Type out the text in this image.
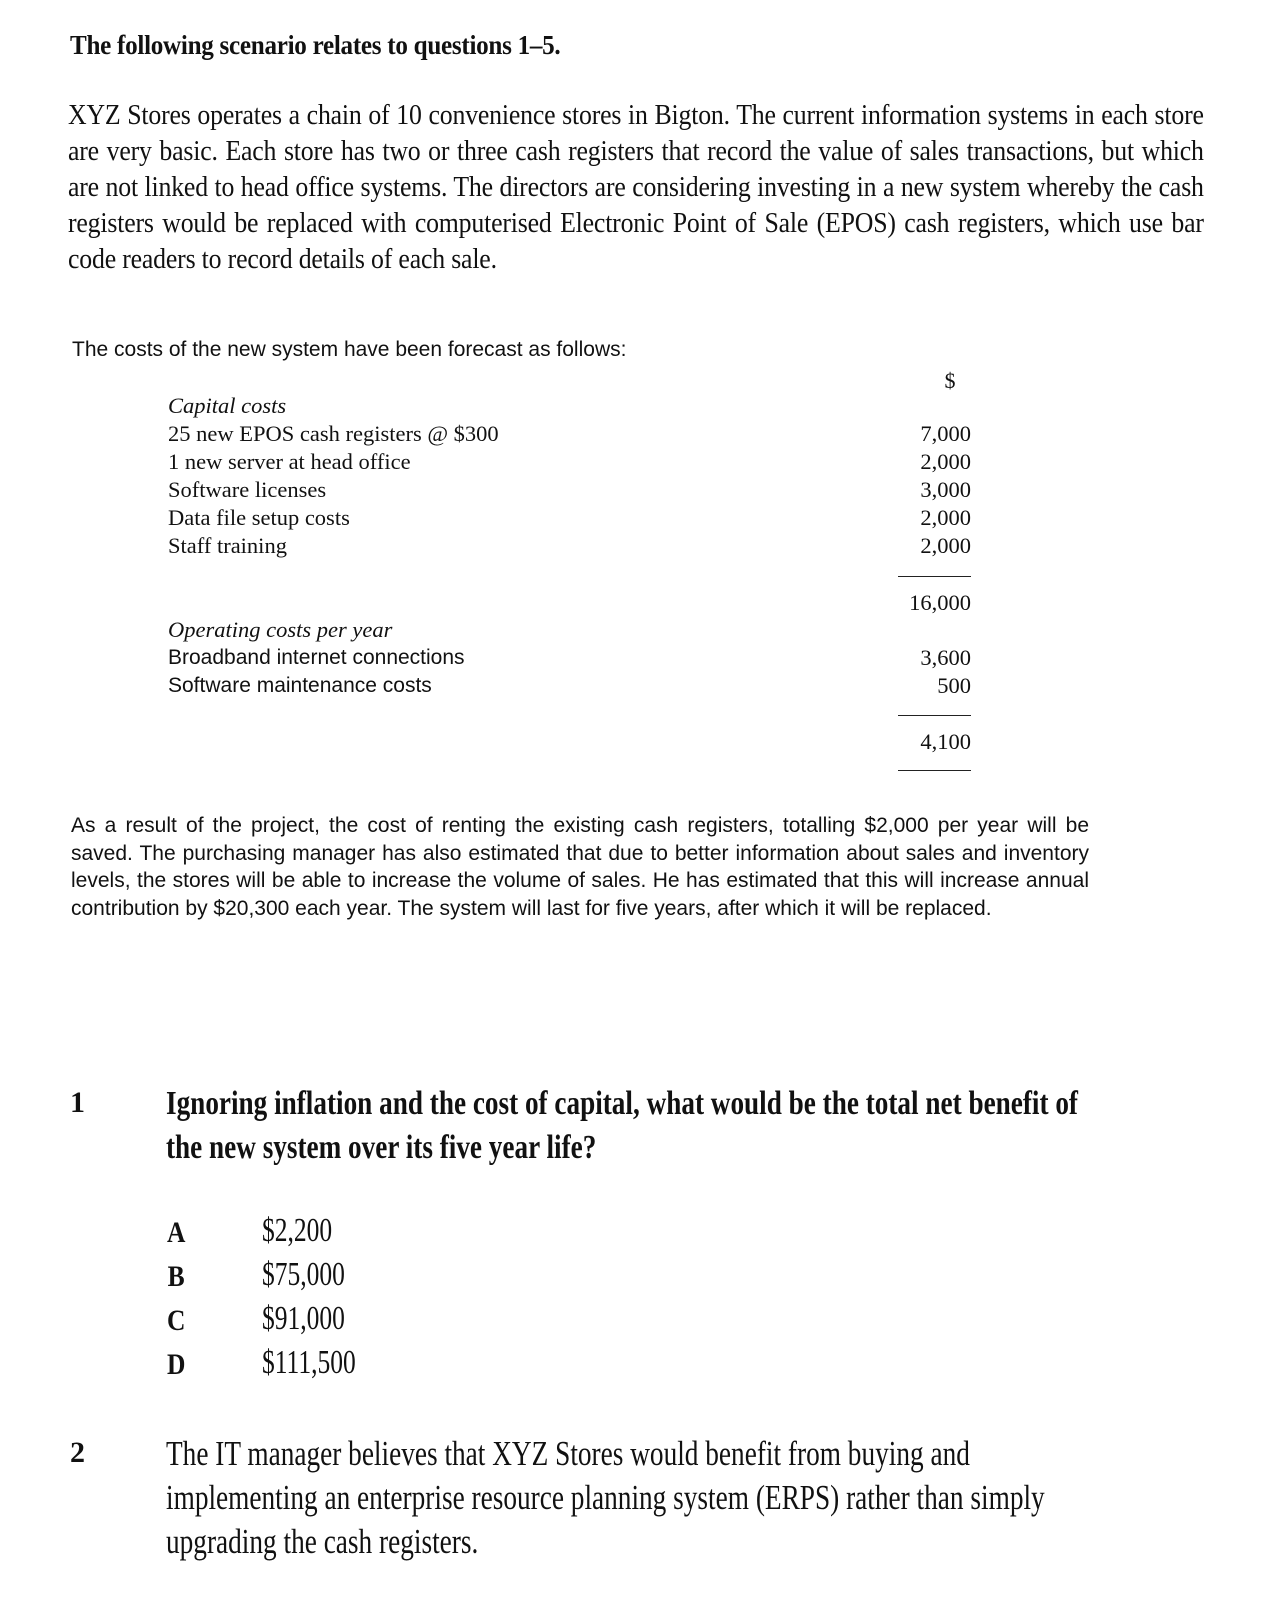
The following scenario relates to questions 1–5.
XYZ Stores operates a chain of 10 convenience stores in Bigton. The current information systems in each store are very basic. Each store has two or three cash registers that record the value of sales transactions, but which are not linked to head office systems. The directors are considering investing in a new system whereby the cash registers would be replaced with computerised Electronic Point of Sale (EPOS) cash registers, which use bar code readers to record details of each sale.
The costs of the new system have been forecast as follows:
$
Capital costs
25 new EPOS cash registers @ $300	7,000
1 new server at head office	2,000
Software licenses	3,000
Data file setup costs	2,000
Staff training	2,000
16,000
Operating costs per year
Broadband internet connections	3,600
Software maintenance costs	500
4,100
As a result of the project, the cost of renting the existing cash registers, totalling $2,000 per year will be saved. The purchasing manager has also estimated that due to better information about sales and inventory levels, the stores will be able to increase the volume of sales. He has estimated that this will increase annual contribution by $20,300 each year. The system will last for five years, after which it will be replaced.
1 Ignoring inflation and the cost of capital, what would be the total net benefit of the new system over its five year life?
A $2,200
B $75,000
C $91,000
D $111,500
2 The IT manager believes that XYZ Stores would benefit from buying and implementing an enterprise resource planning system (ERPS) rather than simply upgrading the cash registers.
